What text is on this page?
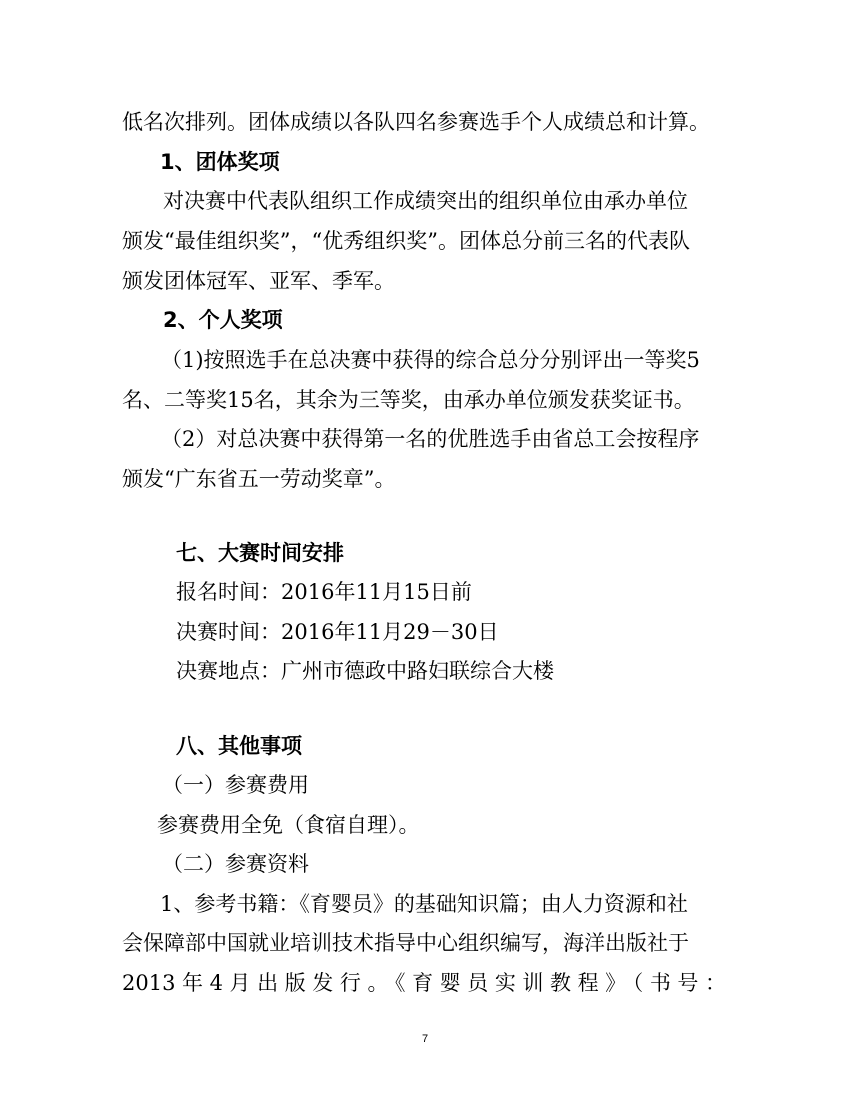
低名次排列。团体成绩以各队四名参赛选手个人成绩总和计算。
1、团体奖项
对决赛中代表队组织工作成绩突出的组织单位由承办单位
颁发“最佳组织奖”，“优秀组织奖”。团体总分前三名的代表队
颁发团体冠军、亚军、季军。
2、个人奖项
（1)按照选手在总决赛中获得的综合总分分别评出一等奖5
名、二等奖15名，其余为三等奖，由承办单位颁发获奖证书。
（2）对总决赛中获得第一名的优胜选手由省总工会按程序
颁发“广东省五一劳动奖章”。
七、大赛时间安排
报名时间：2016年11月15日前
决赛时间：2016年11月29－30日
决赛地点：广州市德政中路妇联综合大楼
八、其他事项
（一）参赛费用
参赛费用全免（食宿自理）。
（二）参赛资料
1、参考书籍：《育婴员》的基础知识篇；由人力资源和社
会保障部中国就业培训技术指导中心组织编写，海洋出版社于
2013年4月出版发行。《育婴员实训教程》（书号：
7
